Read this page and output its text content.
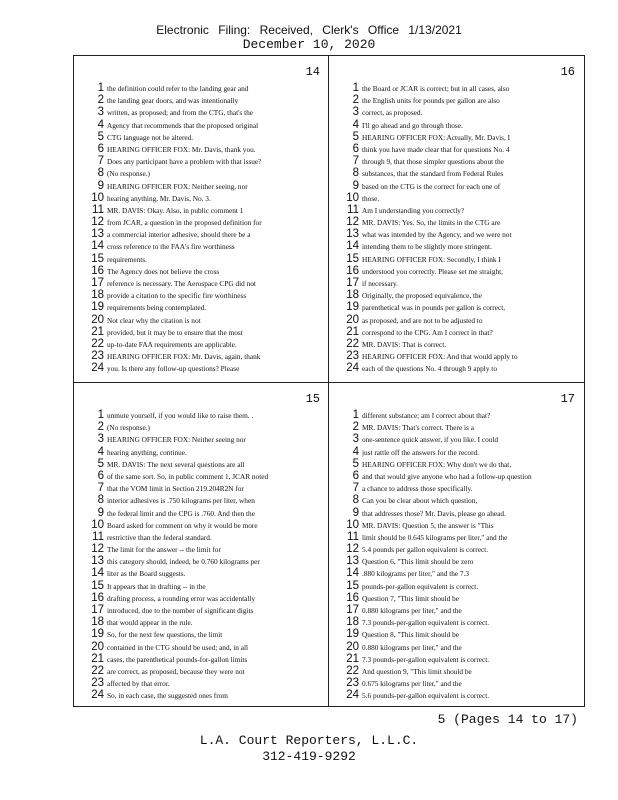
Electronic Filing: Received, Clerk's Office 1/13/2021
December 10, 2020
14
1 the definition could refer to the landing gear and
2 the landing gear doors, and was intentionally
3 written, as proposed; and from the CTG, that's the
4 Agency that recommends that the proposed original
5 CTG language not be altered.
6 HEARING OFFICER FOX: Mr. Davis, thank you.
7 Does any participant have a problem with that issue?
8 (No response.)
9 HEARING OFFICER FOX: Neither seeing, nor
10 hearing anything, Mr. Davis, No. 3.
11 MR. DAVIS: Okay. Also, in public comment 1
12 from JCAR, a question in the proposed definition for
13 a commercial interior adhesive, should there be a
14 cross reference to the FAA's fire worthiness
15 requirements.
16 The Agency does not believe the cross
17 reference is necessary. The Aerospace CPG did not
18 provide a citation to the specific fire worthiness
19 requirements being contemplated.
20 Not clear why the citation is not
21 provided, but it may be to ensure that the most
22 up-to-date FAA requirements are applicable.
23 HEARING OFFICER FOX: Mr. Davis, again, thank
24 you. Is there any follow-up questions? Please
16
1 the Board or JCAR is correct; but in all cases, also
2 the English units for pounds per gallon are also
3 correct, as proposed.
4 I'll go ahead and go through those.
5 HEARING OFFICER FOX: Actually, Mr. Davis, I
6 think you have made clear that for questions No. 4
7 through 9, that those simpler questions about the
8 substances, that the standard from Federal Rules
9 based on the CTG is the correct for each one of
10 those.
11 Am I understanding you correctly?
12 MR. DAVIS: Yes. So, the limits in the CTG are
13 what was intended by the Agency, and we were not
14 intending them to be slightly more stringent.
15 HEARING OFFICER FOX: Secondly, I think I
16 understood you correctly. Please set me straight,
17 if necessary.
18 Originally, the proposed equivalence, the
19 parenthetical was in pounds per gallon is correct,
20 as proposed, and are not to be adjusted to
21 correspond to the CPG. Am I correct in that?
22 MR. DAVIS: That is correct.
23 HEARING OFFICER FOX: And that would apply to
24 each of the questions No. 4 through 9 apply to
15
1 unmute yourself, if you would like to raise them. .
2 (No response.)
3 HEARING OFFICER FOX: Neither seeing nor
4 hearing anything, continue.
5 MR. DAVIS: The next several questions are all
6 of the same sort. So, in public comment 1, JCAR noted
7 that the VOM limit in Section 219.204R2N for
8 interior adhesives is .750 kilograms per liter, when
9 the federal limit and the CPG is .760. And then the
10 Board asked for comment on why it would be more
11 restrictive than the federal standard.
12 The limit for the answer -- the limit for
13 this category should, indeed, be 0.760 kilograms per
14 liter as the Board suggests.
15 It appears that in drafting -- in the
16 drafting process, a rounding error was accidentally
17 introduced, due to the number of significant digits
18 that would appear in the rule.
19 So, for the next few questions, the limit
20 contained in the CTG should be used; and, in all
21 cases, the parenthetical pounds-for-gallon limits
22 are correct, as proposed, because they were not
23 affected by that error.
24 So, in each case, the suggested ones from
17
1 different substance; am I correct about that?
2 MR. DAVIS: That's correct. There is a
3 one-sentence quick answer, if you like. I could
4 just rattle off the answers for the record.
5 HEARING OFFICER FOX: Why don't we do that,
6 and that would give anyone who had a follow-up question
7 a chance to address those specifically.
8 Can you be clear about which question,
9 that addresses those? Mr. Davis, please go ahead.
10 MR. DAVIS: Question 5, the answer is "This
11 limit should be 0.645 kilograms per liter," and the
12 5.4 pounds per gallon equivalent is correct.
13 Question 6, "This limit should be zero
14 .880 kilograms per liter," and the 7.3
15 pounds-per-gallon equivalent is correct.
16 Question 7, "This limit should be
17 0.880 kilograms per liter," and the
18 7.3 pounds-per-gallon equivalent is correct.
19 Question 8, "This limit should be
20 0.880 kilograms per liter," and the
21 7.3 pounds-per-gallon equivalent is correct.
22 And question 9, "This limit should be
23 0.675 kilograms per liter," and the
24 5.6 pounds-per-gallon equivalent is correct.
5 (Pages 14 to 17)
L.A. Court Reporters, L.L.C.
312-419-9292
